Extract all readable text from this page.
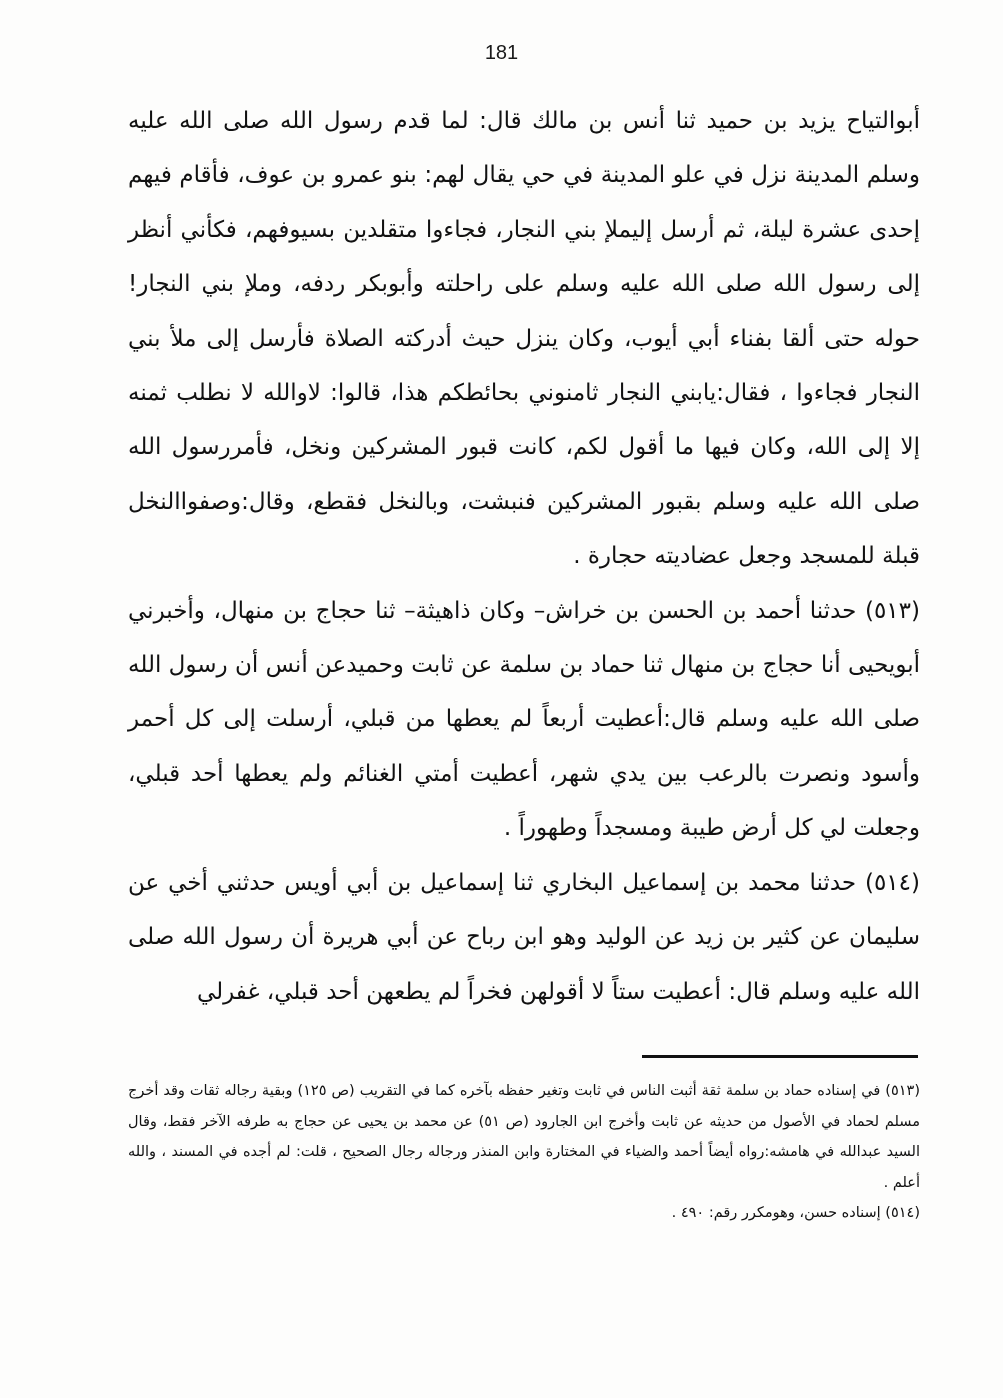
181

أبوالتياح يزيد بن حميد ثنا أنس بن مالك قال: لما قدم رسول الله صلى الله عليه وسلم المدينة نزل في علو المدينة في حي يقال لهم: بنو عمرو بن عوف، فأقام فيهم إحدى عشرة ليلة، ثم أرسل إليملإ بني النجار، فجاءوا متقلدين بسيوفهم، فكأني أنظر إلى رسول الله صلى الله عليه وسلم على راحلته وأبوبكر ردفه، وملإ بني النجار! حوله حتى ألقا بفناء أبي أيوب، وكان ينزل حيث أدركته الصلاة فأرسل إلى ملأ بني النجار فجاءوا ، فقال:يابني النجار ثامنوني بحائطكم هذا، قالوا: لاوالله لا نطلب ثمنه إلا إلى الله، وكان فيها ما أقول لكم، كانت قبور المشركين ونخل، فأمررسول الله صلى الله عليه وسلم بقبور المشركين فنبشت، وبالنخل فقطع، وقال:وصفواالنخل قبلة للمسجد وجعل عضاديته حجارة .

(٥١٣) حدثنا أحمد بن الحسن بن خراش– وكان ذاهيثة– ثنا حجاج بن منهال، وأخبرني أبويحيى أنا حجاج بن منهال ثنا حماد بن سلمة عن ثابت وحميدعن أنس أن رسول الله صلى الله عليه وسلم قال:أعطيت أربعاً لم يعطها من قبلي، أرسلت إلى كل أحمر وأسود ونصرت بالرعب بين يدي شهر، أعطيت أمتي الغنائم ولم يعطها أحد قبلي، وجعلت لي كل أرض طيبة ومسجداً وطهوراً .

(٥١٤) حدثنا محمد بن إسماعيل البخاري ثنا إسماعيل بن أبي أويس حدثني أخي عن سليمان عن كثير بن زيد عن الوليد وهو ابن رباح عن أبي هريرة أن رسول الله صلى الله عليه وسلم قال: أعطيت ستاً لا أقولهن فخراً لم يطعهن أحد قبلي، غفرلي

(٥١٣) في إسناده حماد بن سلمة ثقة أثبت الناس في ثابت وتغير حفظه بآخره كما في التقريب (ص ١٢٥) وبقية رجاله ثقات وقد أخرج مسلم لحماد في الأصول من حديثه عن ثابت وأخرج ابن الجارود (ص ٥١) عن محمد بن يحيى عن حجاج به طرفه الآخر فقط، وقال السيد عبدالله في هامشه:رواه أيضاً أحمد والضياء في المختارة وابن المنذر ورجاله رجال الصحيح ، قلت: لم أجده في المسند ، والله أعلم .

(٥١٤) إسناده حسن، وهومكرر رقم: ٤٩٠ .
